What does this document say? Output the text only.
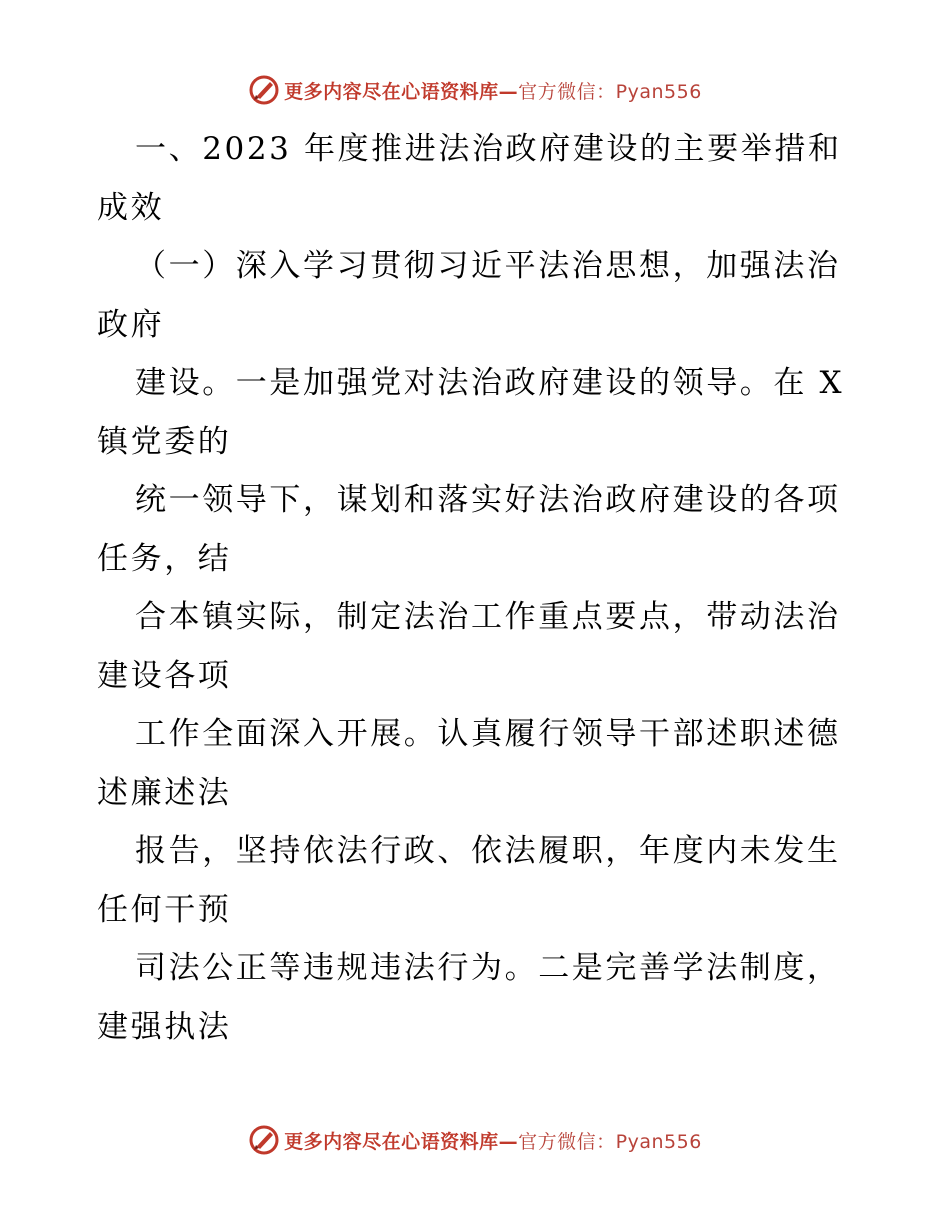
更多内容尽在心语资料库—官方微信：Pyan556
一、2023 年度推进法治政府建设的主要举措和
成效
（一）深入学习贯彻习近平法治思想，加强法治
政府
建设。一是加强党对法治政府建设的领导。在 X
镇党委的
统一领导下，谋划和落实好法治政府建设的各项
任务，结
合本镇实际，制定法治工作重点要点，带动法治
建设各项
工作全面深入开展。认真履行领导干部述职述德
述廉述法
报告，坚持依法行政、依法履职，年度内未发生
任何干预
司法公正等违规违法行为。二是完善学法制度，
建强执法
更多内容尽在心语资料库—官方微信：Pyan556
